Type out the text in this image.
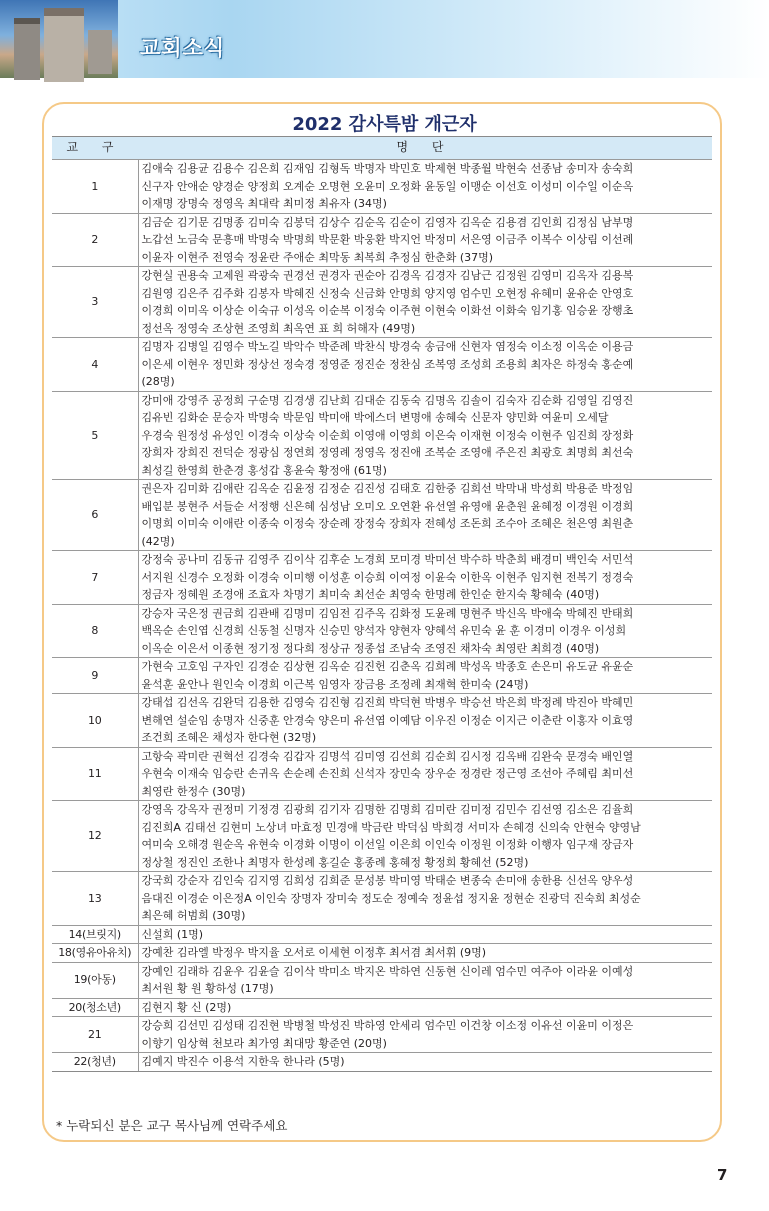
교회소식
2022 감사특밤 개근자
교 구	명 단
1	김애숙 김용균 김용수 김은희 김재임 김형독 박명자 박민호 박제현 박종월 박현숙 선종남 송미자 송숙희
신구자 안애순 양경순 양정희 오계순 오명현 오윤미 오정화 윤동일 이맹순 이선호 이성미 이수일 이순옥
이재명 장명숙 정영옥 최대락 최미정 최유자 (34명)
2	김금순 김기문 김명종 김미숙 김봉덕 김상수 김순옥 김순이 김영자 김옥순 김용겸 김인희 김정심 남부명
노갑선 노금숙 문흥매 박명숙 박명희 박문환 박웅환 박지언 박정미 서은영 이금주 이복수 이상림 이선례
이윤자 이현주 전영숙 정윤란 주애순 최막동 최복희 추정심 한춘화 (37명)
3	강현실 권용숙 고제원 곽광숙 권경선 권경자 권순아 김경옥 김경자 김남근 김정원 김영미 김옥자 김용복
김원영 김은주 김주화 김봉자 박혜진 신정숙 신금화 안명희 양지영 엄수민 오현정 유혜미 윤유순 안영호
이경희 이미옥 이상순 이숙규 이성옥 이순복 이정숙 이주현 이현숙 이화선 이화숙 임기홍 임승윤 장행초
정선옥 정영숙 조상현 조영희 최옥연 표 희 허해자 (49명)
4	김명자 김병일 김영수 박노길 박악수 박준례 박찬식 방경숙 송금애 신현자 염정숙 이소정 이옥순 이용금
이은세 이현우 정민화 정상선 정숙경 정영준 정진순 정찬심 조복영 조성희 조용희 최자은 하정숙 홍순예
(28명)
5	강미애 강영주 공정희 구순명 김경생 김난희 김대순 김동숙 김명옥 김솔이 김숙자 김순화 김영일 김영진
김유빈 김화순 문승자 박명숙 박문임 박미애 박에스더 변명애 송혜숙 신문자 양민화 여윤미 오세달
우경숙 원정성 유성인 이경숙 이상숙 이순희 이영애 이영희 이은숙 이재현 이정숙 이현주 임진희 장정화
장희자 장희진 전덕순 정광심 정연희 정영례 정영옥 정진애 조복순 조영애 주은진 최광호 최명희 최선숙
최성길 한영희 한춘경 홍성갑 홍윤숙 황정애 (61명)
6	권은자 김미화 김애란 김옥순 김윤정 김정순 김진성 김태호 김한중 김희선 박막내 박성희 박용준 박정임
배입분 봉현주 서들순 서정행 신은혜 심성남 오미오 오연환 유선열 유영애 윤춘원 윤혜정 이경원 이경희
이명희 이미숙 이애란 이종숙 이정숙 장순례 장정숙 장희자 전혜성 조돈희 조수아 조혜은 천은영 최원춘
(42명)
7	강정숙 공나미 김동규 김영주 김이삭 김후순 노경희 모미경 박미선 박수하 박춘희 배경미 백인숙 서민석
서지원 신경수 오정화 이경숙 이미행 이성훈 이승희 이여정 이윤숙 이한옥 이현주 임지현 전복기 정경숙
정금자 정혜원 조경애 조효자 차명기 최미숙 최선순 최영숙 한명례 한인순 한지숙 황혜숙 (40명)
8	강승자 국은정 권금희 김관배 김명미 김임전 김주옥 김화정 도윤례 명현주 박신옥 박애숙 박혜진 반태희
백옥순 손인엽 신경희 신동철 신명자 신승민 양석자 양현자 양혜석 유민숙 윤 훈 이경미 이경우 이성희
이옥순 이은서 이종현 정기정 정다희 정상규 정종섭 조남숙 조영진 채차숙 최영란 최희경 (40명)
9	가현숙 고호임 구자인 김경순 김상현 김옥순 김진헌 김춘옥 김희례 박성옥 박종호 손은미 유도균 유윤순
윤석훈 윤안나 원인숙 이경희 이근복 임영자 장금용 조정례 최재혁 한미숙 (24명)
10	강태섭 김선옥 김완덕 김용한 김영숙 김진형 김진희 박덕현 박병우 박승선 박은희 박정례 박진아 박혜민
변해연 설순임 송명자 신중훈 안경숙 양은미 유선엽 이예담 이우진 이정순 이지근 이춘란 이홍자 이효영
조건희 조혜은 채성자 한다현 (32명)
11	고항숙 곽미란 권혁선 김경숙 김갑자 김명석 김미영 김선희 김순희 김시정 김옥배 김완숙 문경숙 배인열
우현숙 이재숙 임승란 손귀옥 손순례 손진희 신석자 장민숙 장우순 정경란 정근영 조선아 주혜림 최미선
최영란 한정수 (30명)
12	강영옥 강옥자 권정미 기정경 김광희 김기자 김명한 김명희 김미란 김미정 김민수 김선영 김소은 김율희
김진희A 김태선 김현미 노상녀 마효정 민경애 박금란 박덕심 박희경 서미자 손혜경 신의숙 안현숙 양영남
여미숙 오해경 원순옥 유현숙 이경화 이명이 이선일 이은희 이인숙 이정원 이정화 이행자 임구재 장금자
정상철 정진인 조한나 최명자 한성례 홍길순 홍종례 홍혜정 황정희 황혜선 (52명)
13	강국희 강순자 김인숙 김지영 김희성 김희준 문성봉 박미영 박태순 변종숙 손미애 송한용 신선옥 양우성
음대진 이경순 이은정A 이인숙 장명자 장미숙 정도순 정예숙 정윤섭 정지윤 정현순 진광덕 진숙희 최성순
최은혜 허범희 (30명)
14(브릿지)	신설희 (1명)
18(영유아유치)	강예찬 김라엘 박정우 박지율 오서로 이세현 이정후 최서겸 최서휘 (9명)
19(아동)	강예인 김래하 김윤우 김윤슬 김이삭 박미소 박지온 박하연 신동현 신이레 엄수민 여주아 이라윤 이예성
최서원 황 원 황하성 (17명)
20(청소년)	김현지 황 신 (2명)
21	강승희 김선민 김성태 김진현 박병철 박성진 박하영 안세리 엄수민 이건창 이소정 이유선 이윤미 이정은
이향기 임상혁 천보라 최가영 최대망 황준연 (20명)
22(청년)	김예지 박진수 이용석 지한욱 한나라 (5명)
* 누락되신 분은 교구 목사님께 연락주세요
7
